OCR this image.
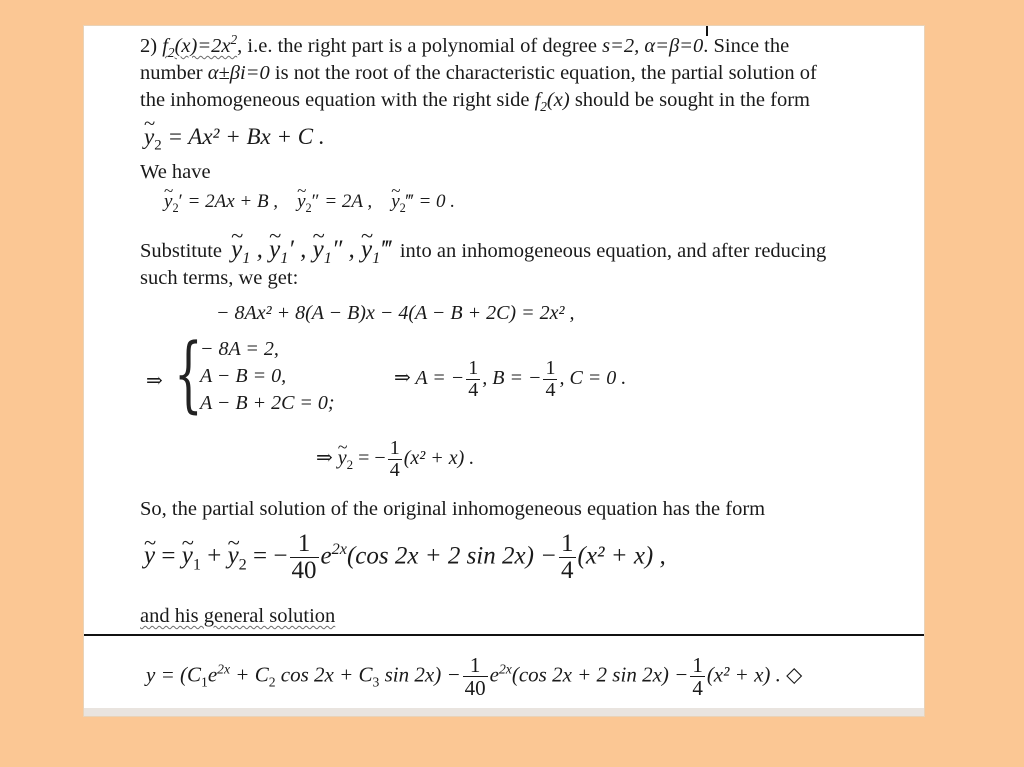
2) $f_2(x)=2x^2$, i.e. the right part is a polynomial of degree s=2, α=β=0. Since the
number α±βi=0 is not the root of the characteristic equation, the partial solution of
the inhomogeneous equation with the right side $f_2(x)$ should be sought in the form
~ $y_2 = Ax^2 + Bx + C$ .
We have
~ $y_2' = 2Ax + B$ , ~ $y_2'' = 2A$ , ~ $y_2‴ = 0$ .
Substitute ~ $y_1$ , ~ $y_1'$ , ~ $y_1''$ , ~ $y_1‴$ into an inhomogeneous equation, and after reducing
such terms, we get:
− 8Ax² + 8(A − B)x − 4(A − B + 2C) = 2x² ,
⇒ {
− 8A = 2,
A − B = 0,
A − B + 2C = 0;
⇒ A = − $\frac{1}{4}$ , B = − $\frac{1}{4}$ , C = 0 .
⇒ ~ $y_2$ = − $\frac{1}{4} (x^2 + x)$ .
So, the partial solution of the original inhomogeneous equation has the form
~ y = ~ $y_1$ + ~ $y_2$ = − $\frac{1}{40} e^{2x}(\cos$ 2x + 2 $\sin 2x) - \frac{1}{4} (x^2 + x)$ ,
and his general solution
$y = (C_1e^{2x} + C_2$ $\cos 2x + C_3$ $\sin 2x) - \frac{1}{40} e^{2x}(\cos$ 2x + 2 $\sin 2x) - \frac{1}{4} (x^2 + x)$ . ◇
